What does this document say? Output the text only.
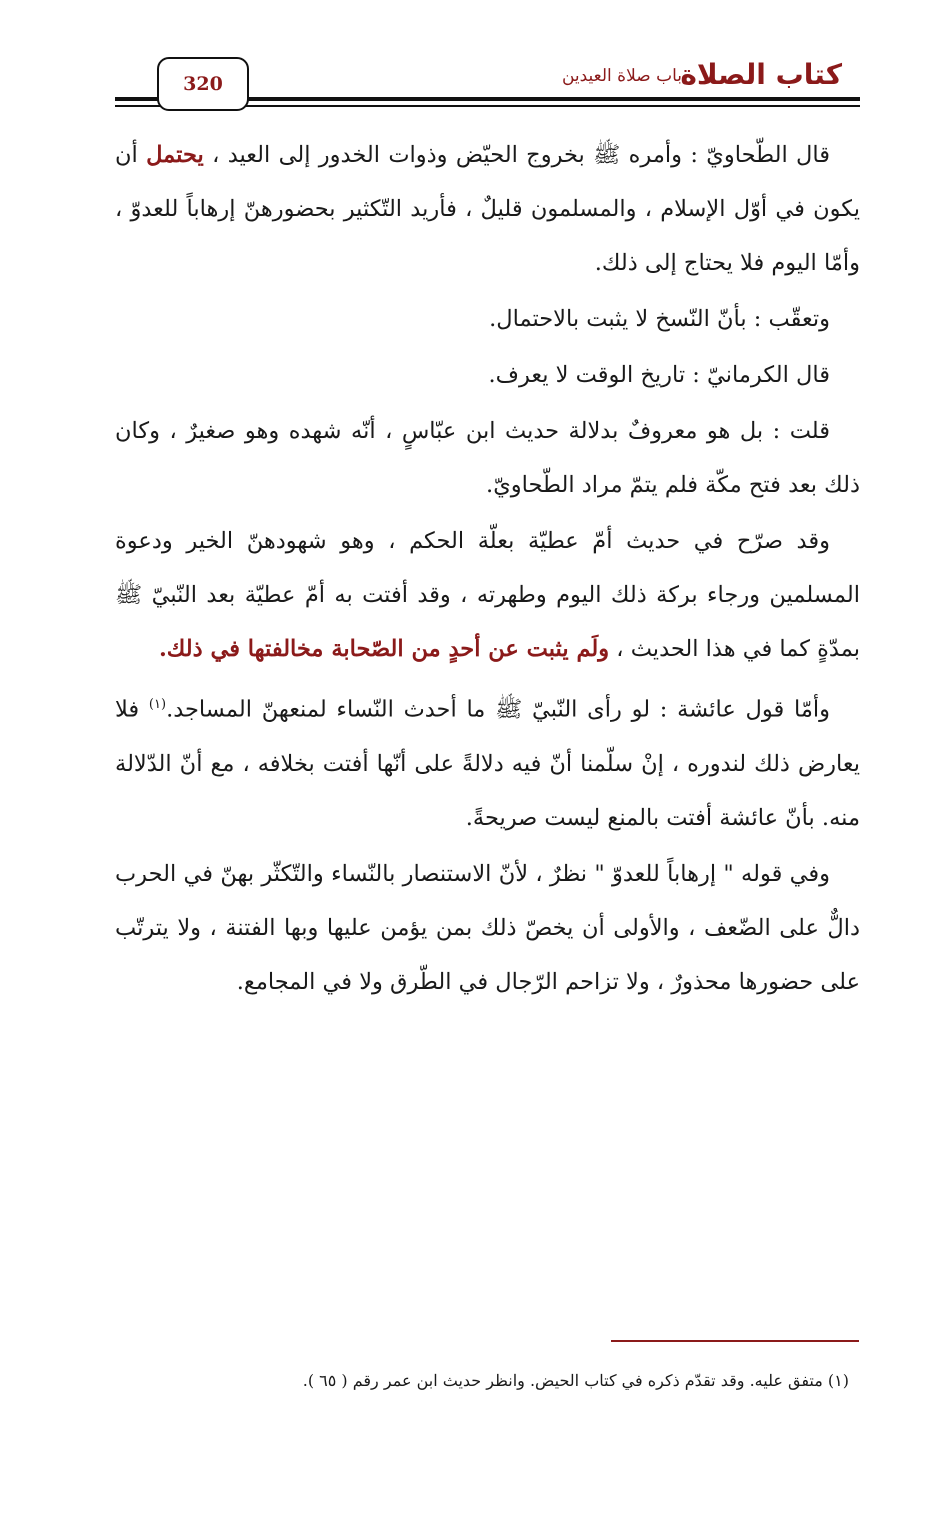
كتاب الصلاة
باب صلاة العيدين
320

قال الطّحاويّ : وأمره ﷺ بخروج الحيّض وذوات الخدور إلى العيد ، يحتمل أن يكون في أوّل الإسلام ، والمسلمون قليلٌ ، فأريد التّكثير بحضورهنّ إرهاباً للعدوّ ، وأمّا اليوم فلا يحتاج إلى ذلك.

وتعقّب : بأنّ النّسخ لا يثبت بالاحتمال.

قال الكرمانيّ : تاريخ الوقت لا يعرف.

قلت : بل هو معروفٌ بدلالة حديث ابن عبّاسٍ ، أنّه شهده وهو صغيرٌ ، وكان ذلك بعد فتح مكّة فلم يتمّ مراد الطّحاويّ.

وقد صرّح في حديث أمّ عطيّة بعلّة الحكم ، وهو شهودهنّ الخير ودعوة المسلمين ورجاء بركة ذلك اليوم وطهرته ، وقد أفتت به أمّ عطيّة بعد النّبيّ ﷺ بمدّةٍ كما في هذا الحديث ، ولَم يثبت عن أحدٍ من الصّحابة مخالفتها في ذلك.

وأمّا قول عائشة : لو رأى النّبيّ ﷺ ما أحدث النّساء لمنعهنّ المساجد.$^{(١)}$ فلا يعارض ذلك لندوره ، إنْ سلّمنا أنّ فيه دلالةً على أنّها أفتت بخلافه ، مع أنّ الدّلالة منه. بأنّ عائشة أفتت بالمنع ليست صريحةً.

وفي قوله " إرهاباً للعدوّ " نظرٌ ، لأنّ الاستنصار بالنّساء والتّكثّر بهنّ في الحرب دالٌّ على الضّعف ، والأولى أن يخصّ ذلك بمن يؤمن عليها وبها الفتنة ، ولا يترتّب على حضورها محذورٌ ، ولا تزاحم الرّجال في الطّرق ولا في المجامع.

(١) متفق عليه. وقد تقدّم ذكره في كتاب الحيض. وانظر حديث ابن عمر رقم ( ٦٥ ).
